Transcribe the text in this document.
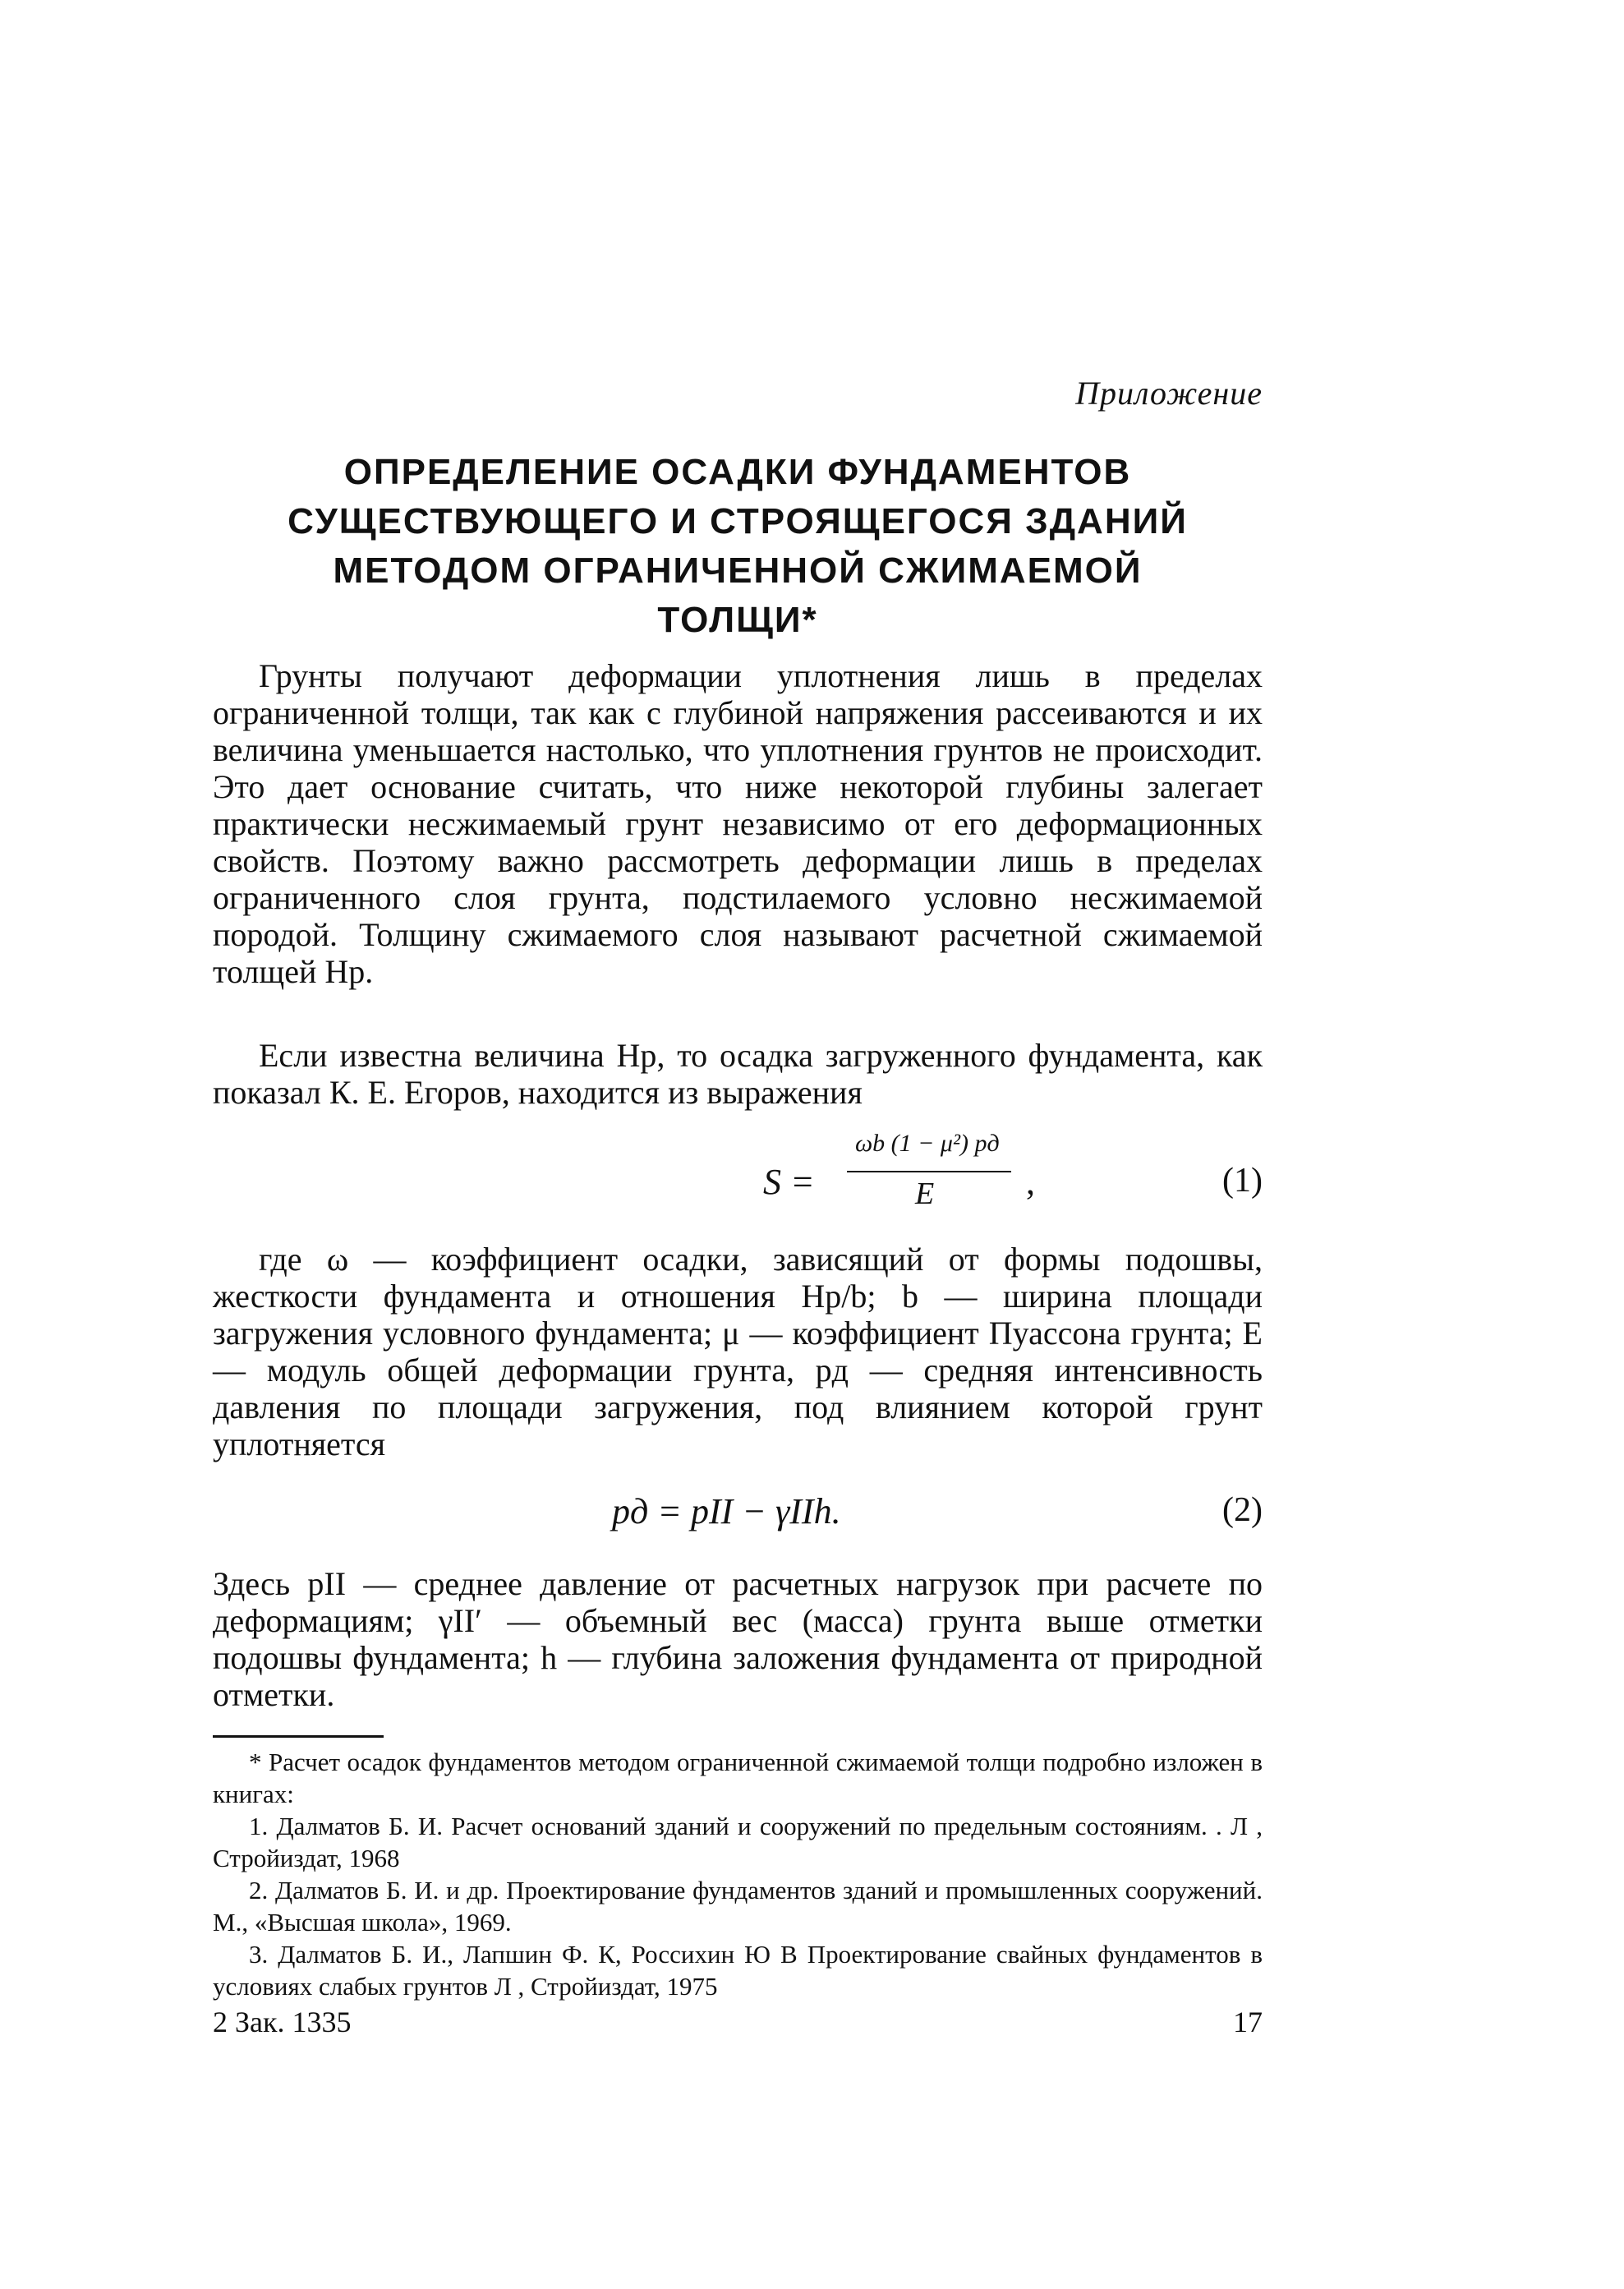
Приложение
ОПРЕДЕЛЕНИЕ ОСАДКИ ФУНДАМЕНТОВ
СУЩЕСТВУЮЩЕГО И СТРОЯЩЕГОСЯ ЗДАНИЙ
МЕТОДОМ ОГРАНИЧЕННОЙ СЖИМАЕМОЙ
ТОЛЩИ*

Грунты получают деформации уплотнения лишь в пределах ограниченной толщи, так как с глубиной напряжения рассеиваются и их величина уменьшается настолько, что уплотнения грунтов не происходит. Это дает основание считать, что ниже некоторой глубины залегает практически несжимаемый грунт независимо от его деформационных свойств. Поэтому важно рассмотреть деформации лишь в пределах ограниченного слоя грунта, подстилаемого условно несжимаемой породой. Толщину сжимаемого слоя называют расчетной сжимаемой толщей Hр.

Если известна величина Hр, то осадка загруженного фундамента, как показал К. Е. Егоров, находится из выражения

S =
ωb (1 − μ²) pд
E	,	(1)

где ω — коэффициент осадки, зависящий от формы подошвы, жесткости фундамента и отношения Hр/b; b — ширина площади загружения условного фундамента; μ — коэффициент Пуассона грунта; E — модуль общей деформации грунта, pд — средняя интенсивность давления по площади загружения, под влиянием которой грунт уплотняется

pд = pII − γIIh.	(2)

Здесь pII — среднее давление от расчетных нагрузок при расчете по деформациям; γII′ — объемный вес (масса) грунта выше отметки подошвы фундамента; h — глубина заложения фундамента от природной отметки.

* Расчет осадок фундаментов методом ограниченной сжимаемой толщи подробно изложен в книгах:

1. Далматов Б. И. Расчет оснований зданий и сооружений по предельным состояниям. . Л , Стройиздат, 1968

2. Далматов Б. И. и др. Проектирование фундаментов зданий и промышленных сооружений. М., «Высшая школа», 1969.

3. Далматов Б. И., Лапшин Ф. К, Россихин Ю В Проектирование свайных фундаментов в условиях слабых грунтов Л , Стройиздат, 1975

2 Зак. 1335	17
